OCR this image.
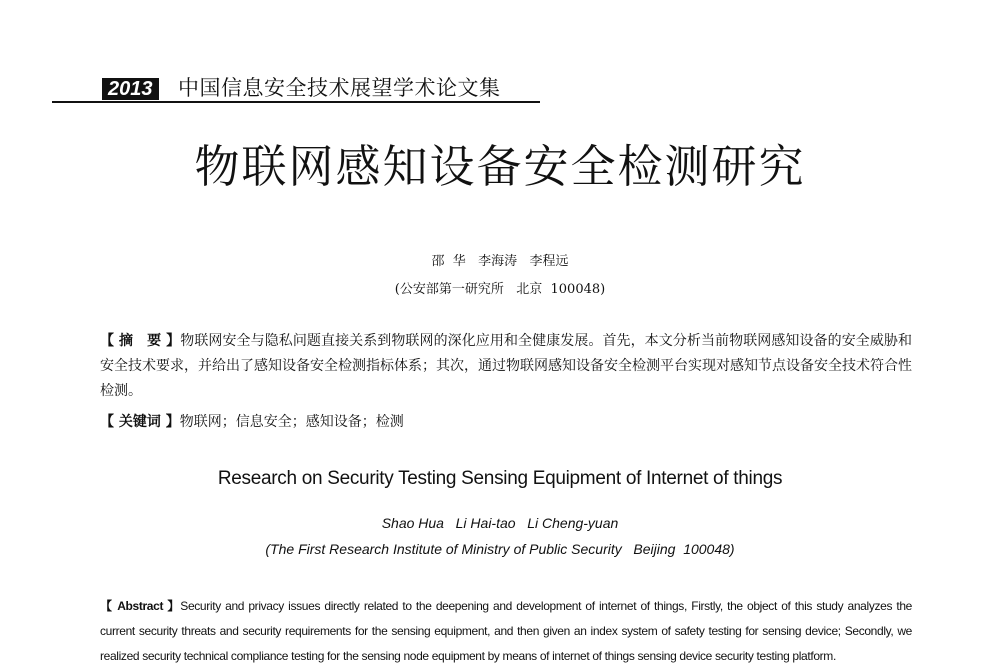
2013 中国信息安全技术展望学术论文集
物联网感知设备安全检测研究
邵  华   李海涛   李程远
(公安部第一研究所   北京  100048)
【 摘　要 】物联网安全与隐私问题直接关系到物联网的深化应用和全健康发展。首先，本文分析当前物联网感知设备的安全威胁和安全技术要求，并给出了感知设备安全检测指标体系；其次，通过物联网感知设备安全检测平台实现对感知节点设备安全技术符合性检测。
【 关键词 】物联网；信息安全；感知设备；检测
Research on Security Testing Sensing Equipment of Internet of things
Shao Hua   Li Hai-tao   Li Cheng-yuan
(The First Research Institute of Ministry of Public Security   Beijing  100048)
【 Abstract 】Security and privacy issues directly related to the deepening and development of internet of things, Firstly, the object of this study analyzes the current security threats and security requirements for the sensing equipment, and then given an index system of safety testing for sensing device; Secondly, we realized security technical compliance testing for the sensing node equipment by means of internet of things sensing device security testing platform.
